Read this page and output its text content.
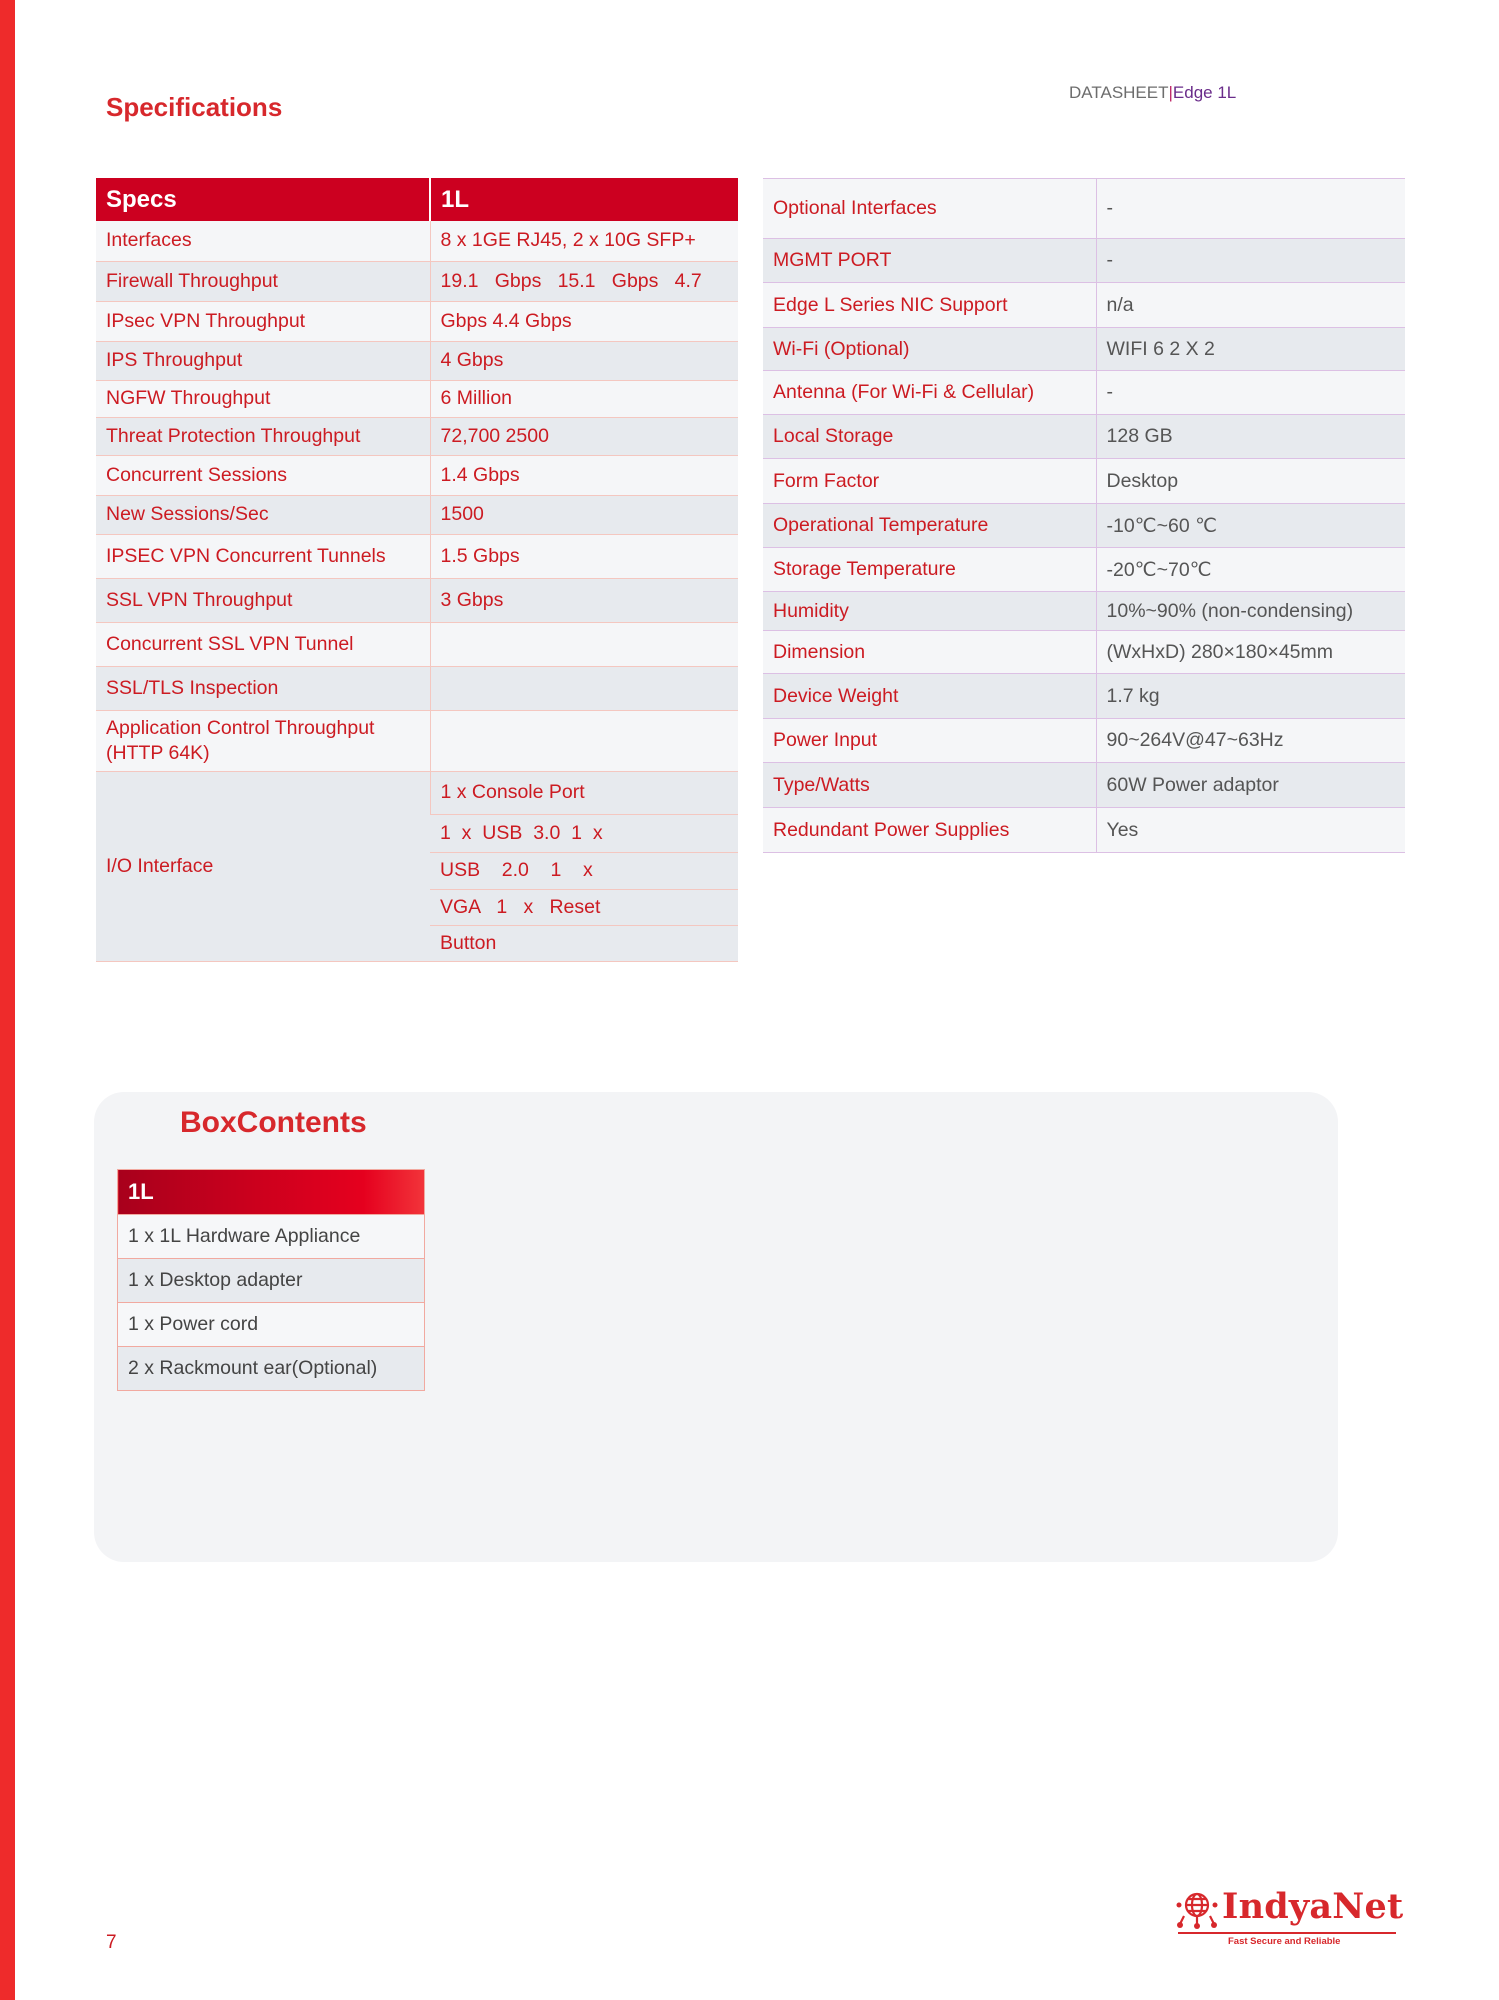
Specifications	DATASHEET|Edge 1L
Specs	1L
Interfaces	8 x 1GE RJ45, 2 x 10G SFP+
Firewall Throughput	19.1   Gbps   15.1   Gbps   4.7
IPsec VPN Throughput	Gbps 4.4 Gbps
IPS Throughput	4 Gbps
NGFW Throughput	6 Million
Threat Protection Throughput	72,700 2500
Concurrent Sessions	1.4 Gbps
New Sessions/Sec	1500
IPSEC VPN Concurrent Tunnels	1.5 Gbps
SSL VPN Throughput	3 Gbps
Concurrent SSL VPN Tunnel	
SSL/TLS Inspection	
Application Control Throughput
(HTTP 64K)	
I/O Interface	1 x Console Port
	1  x  USB  3.0  1  x
	USB    2.0    1    x
	VGA   1   x   Reset
	Button
Optional Interfaces	-
MGMT PORT	-
Edge L Series NIC Support	n/a
Wi-Fi (Optional)	WIFI 6 2 X 2
Antenna (For Wi-Fi & Cellular)	-
Local Storage	128 GB
Form Factor	Desktop
Operational Temperature	-10℃~60 ℃
Storage Temperature	-20℃~70℃
Humidity	10%~90% (non-condensing)
Dimension	(WxHxD) 280×180×45mm
Device Weight	1.7 kg
Power Input	90~264V@47~63Hz
Type/Watts	60W Power adaptor
Redundant Power Supplies	Yes
BoxContents
1L
1 x 1L Hardware Appliance
1 x Desktop adapter
1 x Power cord
2 x Rackmount ear(Optional)
7
IndyaNet
Fast Secure and Reliable
